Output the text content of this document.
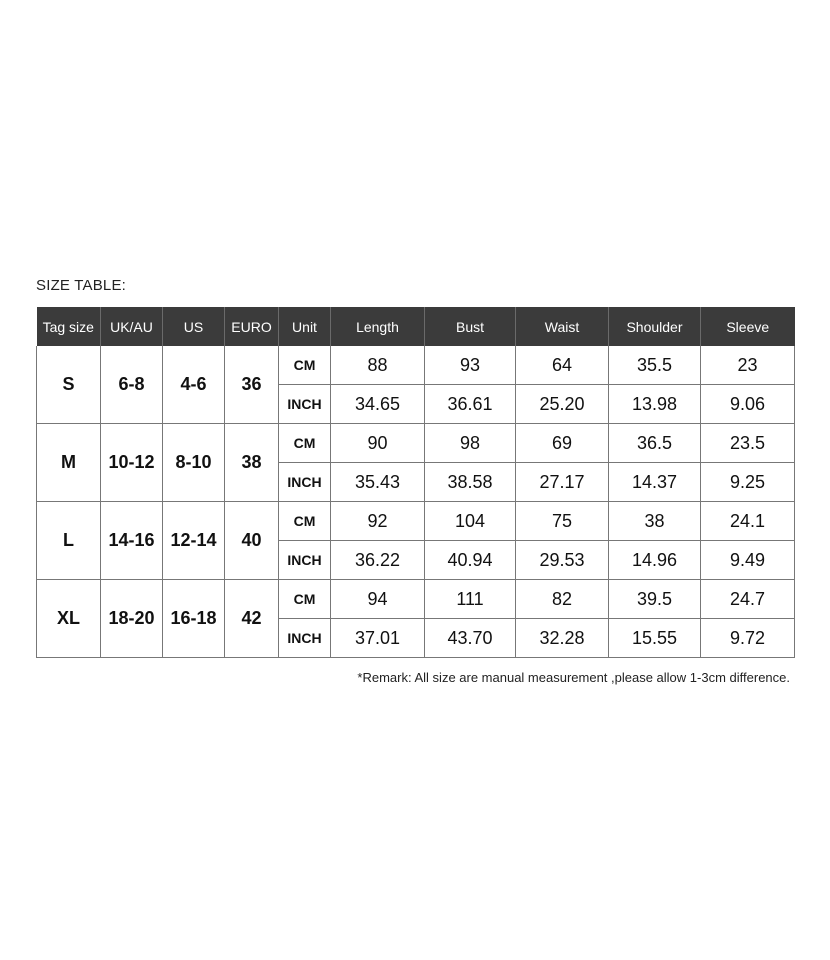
SIZE TABLE:
Tag size	UK/AU	US	EURO	Unit	Length	Bust	Waist	Shoulder	Sleeve
S	6-8	4-6	36	CM	88	93	64	35.5	23
				INCH	34.65	36.61	25.20	13.98	9.06
M	10-12	8-10	38	CM	90	98	69	36.5	23.5
				INCH	35.43	38.58	27.17	14.37	9.25
L	14-16	12-14	40	CM	92	104	75	38	24.1
				INCH	36.22	40.94	29.53	14.96	9.49
XL	18-20	16-18	42	CM	94	111	82	39.5	24.7
				INCH	37.01	43.70	32.28	15.55	9.72
*Remark: All size are manual measurement ,please allow 1-3cm difference.
